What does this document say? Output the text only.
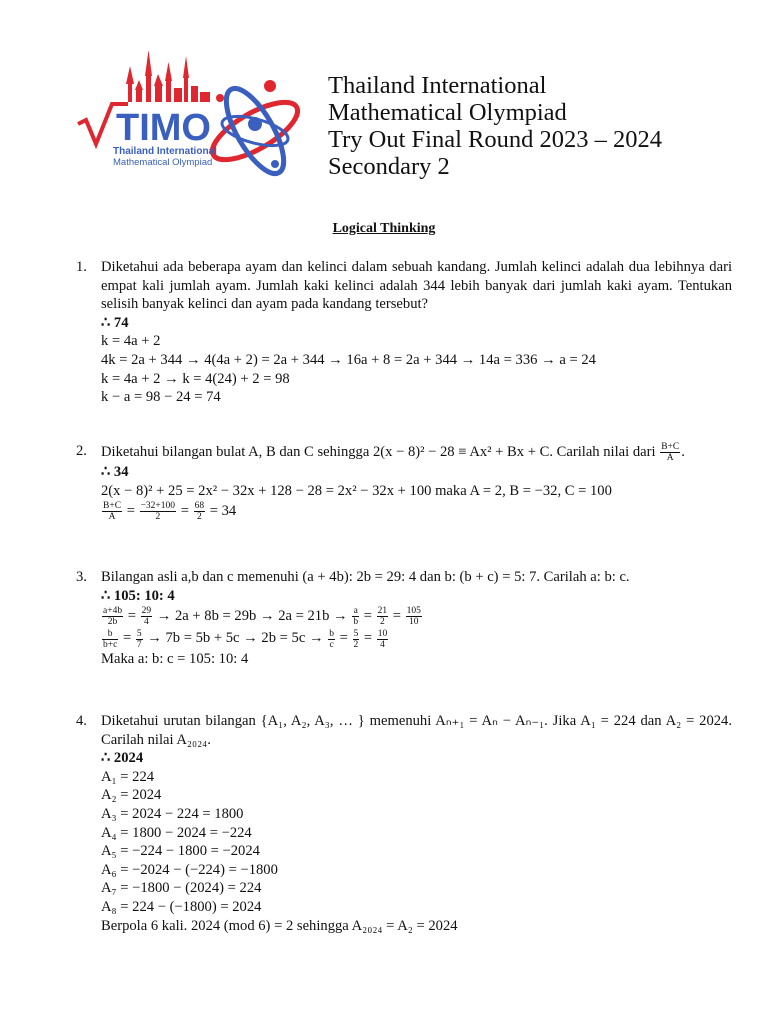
TIMO
Thailand International
Mathematical Olympiad
Thailand International
Mathematical Olympiad
Try Out Final Round 2023 – 2024
Secondary 2
Logical Thinking
1. Diketahui ada beberapa ayam dan kelinci dalam sebuah kandang. Jumlah kelinci adalah dua lebihnya dari empat kali jumlah ayam. Jumlah kaki kelinci adalah 344 lebih banyak dari jumlah kaki ayam. Tentukan selisih banyak kelinci dan ayam pada kandang tersebut?
∴ 74
k = 4a + 2
4k = 2a + 344 → 4(4a + 2) = 2a + 344 → 16a + 8 = 2a + 344 → 14a = 336 → a = 24
k = 4a + 2 → k = 4(24) + 2 = 98
k − a = 98 − 24 = 74
2. Diketahui bilangan bulat A, B dan C sehingga 2(x − 8)² − 28 ≡ Ax² + Bx + C. Carilah nilai dari $\frac{B+C}{A}$ .
∴ 34
2(x − 8)² + 25 = 2x² − 32x + 128 − 28 = 2x² − 32x + 100 maka A = 2, B = −32, C = 100
$\frac{B+C}{A} = \frac{-32+100}{2} = \frac{68}{2} = 34$
3. Bilangan asli a,b dan c memenuhi (a + 4b): 2b = 29: 4 dan b: (b + c) = 5: 7. Carilah a: b: c.
∴ 105: 10: 4
$\frac{a+4b}{2b} = \frac{29}{4} \to 2a + 8b = 29b \to 2a = 21b \to \frac{a}{b} = \frac{21}{2} = \frac{105}{10}$
$\frac{b}{b+c} = \frac{5}{7} \to 7b = 5b + 5c \to 2b = 5c \to \frac{b}{c} = \frac{5}{2} = \frac{10}{4}$
Maka a: b: c = 105: 10: 4
4. Diketahui urutan bilangan {A₁, A₂, A₃, … } memenuhi Aₙ₊₁ = Aₙ − Aₙ₋₁. Jika A₁ = 224 dan A₂ = 2024. Carilah nilai A₂₀₂₄.
∴ 2024
A₁ = 224
A₂ = 2024
A₃ = 2024 − 224 = 1800
A₄ = 1800 − 2024 = −224
A₅ = −224 − 1800 = −2024
A₆ = −2024 − (−224) = −1800
A₇ = −1800 − (2024) = 224
A₈ = 224 − (−1800) = 2024
Berpola 6 kali. 2024 (mod 6) = 2 sehingga A₂₀₂₄ = A₂ = 2024
